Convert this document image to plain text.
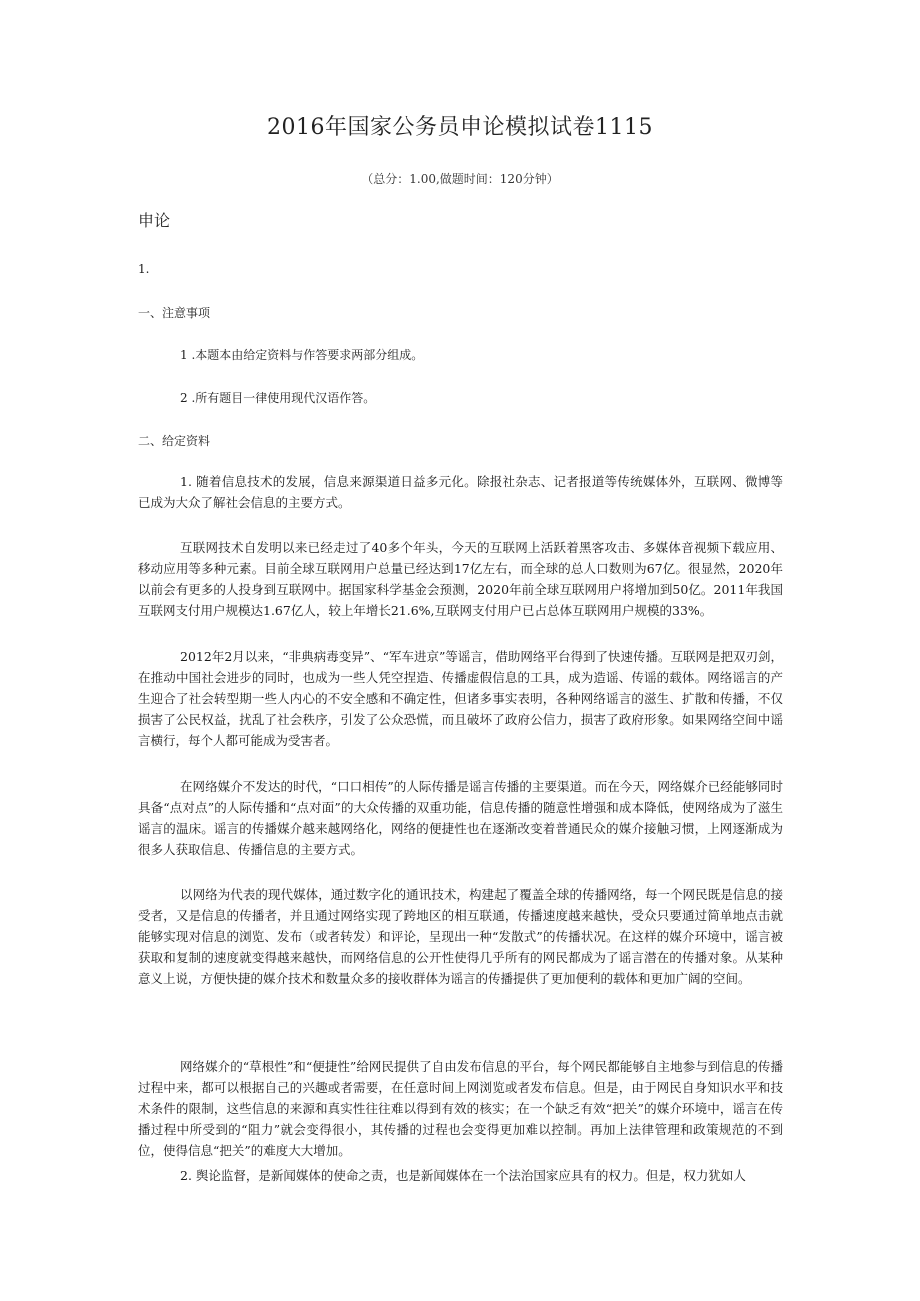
2016年国家公务员申论模拟试卷1115
（总分：1.00,做题时间：120分钟）
申论
1.
一、注意事项
1 .本题本由给定资料与作答要求两部分组成。
2 .所有题目一律使用现代汉语作答。
二、给定资料
1. 随着信息技术的发展，信息来源渠道日益多元化。除报社杂志、记者报道等传统媒体外，互联网、微博等已成为大众了解社会信息的主要方式。
互联网技术自发明以来已经走过了40多个年头，今天的互联网上活跃着黑客攻击、多媒体音视频下载应用、移动应用等多种元素。目前全球互联网用户总量已经达到17亿左右，而全球的总人口数则为67亿。很显然，2020年以前会有更多的人投身到互联网中。据国家科学基金会预测，2020年前全球互联网用户将增加到50亿。2011年我国互联网支付用户规模达1.67亿人，较上年增长21.6%,互联网支付用户已占总体互联网用户规模的33%。
2012年2月以来，“非典病毒变异”、“军车进京”等谣言，借助网络平台得到了快速传播。互联网是把双刃剑，在推动中国社会进步的同时，也成为一些人凭空捏造、传播虚假信息的工具，成为造谣、传谣的载体。网络谣言的产生迎合了社会转型期一些人内心的不安全感和不确定性，但诸多事实表明，各种网络谣言的滋生、扩散和传播，不仅损害了公民权益，扰乱了社会秩序，引发了公众恐慌，而且破坏了政府公信力，损害了政府形象。如果网络空间中谣言横行，每个人都可能成为受害者。
在网络媒介不发达的时代，“口口相传”的人际传播是谣言传播的主要渠道。而在今天，网络媒介已经能够同时具备“点对点”的人际传播和“点对面”的大众传播的双重功能，信息传播的随意性增强和成本降低，使网络成为了滋生谣言的温床。谣言的传播媒介越来越网络化，网络的便捷性也在逐渐改变着普通民众的媒介接触习惯，上网逐渐成为很多人获取信息、传播信息的主要方式。
以网络为代表的现代媒体，通过数字化的通讯技术，构建起了覆盖全球的传播网络，每一个网民既是信息的接受者，又是信息的传播者，并且通过网络实现了跨地区的相互联通，传播速度越来越快，受众只要通过简单地点击就能够实现对信息的浏览、发布（或者转发）和评论，呈现出一种“发散式”的传播状况。在这样的媒介环境中，谣言被获取和复制的速度就变得越来越快，而网络信息的公开性使得几乎所有的网民都成为了谣言潜在的传播对象。从某种意义上说，方便快捷的媒介技术和数量众多的接收群体为谣言的传播提供了更加便利的载体和更加广阔的空间。
网络媒介的“草根性”和“便捷性”给网民提供了自由发布信息的平台，每个网民都能够自主地参与到信息的传播过程中来，都可以根据自己的兴趣或者需要，在任意时间上网浏览或者发布信息。但是，由于网民自身知识水平和技术条件的限制，这些信息的来源和真实性往往难以得到有效的核实；在一个缺乏有效“把关”的媒介环境中，谣言在传播过程中所受到的“阻力”就会变得很小，其传播的过程也会变得更加难以控制。再加上法律管理和政策规范的不到位，使得信息“把关”的难度大大增加。
2. 舆论监督，是新闻媒体的使命之责，也是新闻媒体在一个法治国家应具有的权力。但是，权力犹如人
